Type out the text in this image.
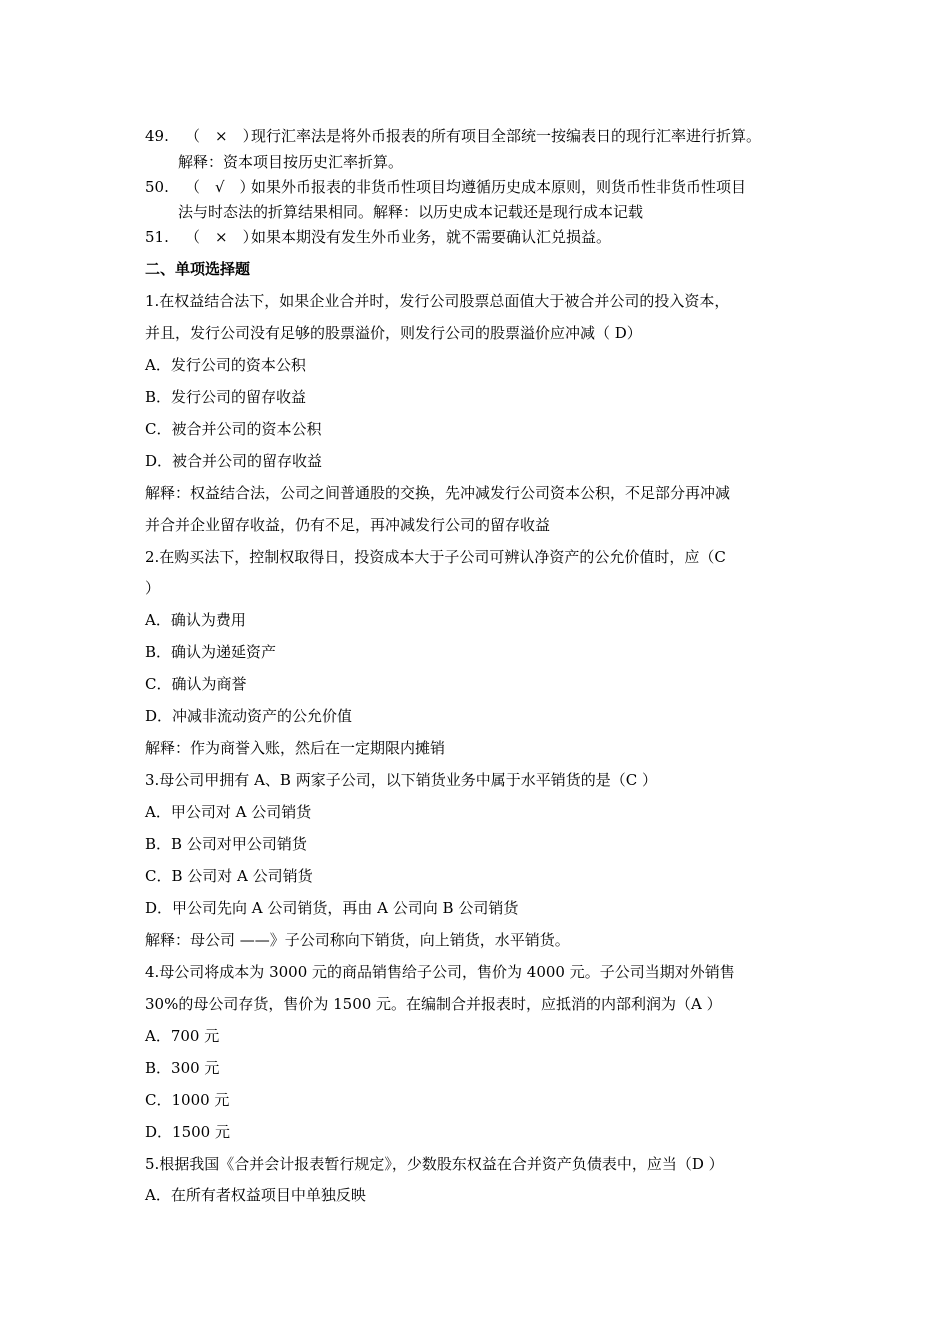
49. （　×　）现行汇率法是将外币报表的所有项目全部统一按编表日的现行汇率进行折算。
解释：资本项目按历史汇率折算。
50. （　√　）如果外币报表的非货币性项目均遵循历史成本原则，则货币性非货币性项目
法与时态法的折算结果相同。解释：以历史成本记载还是现行成本记载
51. （　×　）如果本期没有发生外币业务，就不需要确认汇兑损益。
二、单项选择题
1.在权益结合法下，如果企业合并时，发行公司股票总面值大于被合并公司的投入资本，
并且，发行公司没有足够的股票溢价，则发行公司的股票溢价应冲减（ D）
A．发行公司的资本公积
B．发行公司的留存收益
C．被合并公司的资本公积
D．被合并公司的留存收益
解释：权益结合法，公司之间普通股的交换，先冲减发行公司资本公积，不足部分再冲减
并合并企业留存收益，仍有不足，再冲减发行公司的留存收益
2.在购买法下，控制权取得日，投资成本大于子公司可辨认净资产的公允价值时，应（C
）
A．确认为费用
B．确认为递延资产
C．确认为商誉
D．冲减非流动资产的公允价值
解释：作为商誉入账，然后在一定期限内摊销
3.母公司甲拥有 A、B 两家子公司，以下销货业务中属于水平销货的是（C ）
A．甲公司对 A 公司销货
B．B 公司对甲公司销货
C．B 公司对 A 公司销货
D．甲公司先向 A 公司销货，再由 A 公司向 B 公司销货
解释：母公司 ——》子公司称向下销货，向上销货，水平销货。
4.母公司将成本为 3000 元的商品销售给子公司，售价为 4000 元。子公司当期对外销售
30%的母公司存货，售价为 1500 元。在编制合并报表时，应抵消的内部利润为（A ）
A．700 元
B．300 元
C．1000 元
D．1500 元
5.根据我国《合并会计报表暂行规定》，少数股东权益在合并资产负债表中，应当（D ）
A．在所有者权益项目中单独反映
